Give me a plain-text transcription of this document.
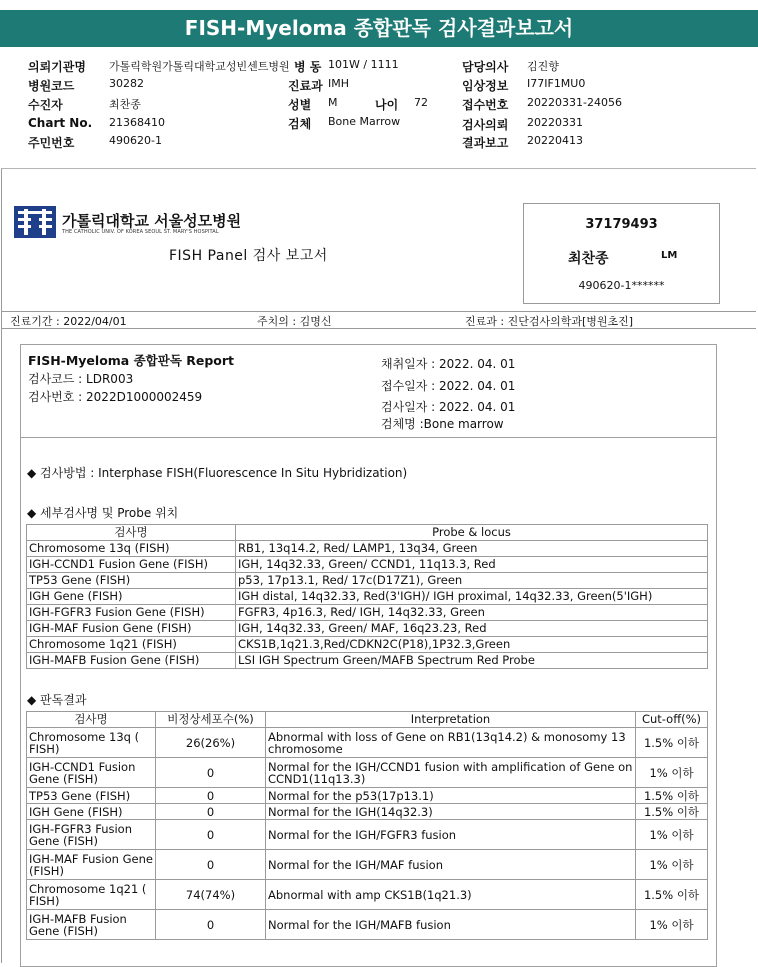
FISH-Myeloma 종합판독 검사결과보고서
의뢰기관명 가톨릭학원가톨릭대학교성빈센트병원
병원코드	30282
수진자	최찬종
Chart No. 21368410
주민번호	490620-1
병 동 101W / 1111
진료과 IMH
성별 M	나이 72
검체 Bone Marrow
담당의사 김진향
임상정보 I77IF1MU0
접수번호 20220331-24056
검사의뢰 20220331
결과보고 20220413
가톨릭대학교 서울성모병원
THE CATHOLIC UNIV. OF KOREA SEOUL ST. MARY'S HOSPITAL
FISH Panel 검사 보고서
37179493
최찬종	LM
490620-1******
진료기간 : 2022/04/01	주치의 : 김명신	진료과 : 진단검사의학과[병원초진]
FISH-Myeloma 종합판독 Report
검사코드 : LDR003
검사번호 : 2022D1000002459
채취일자 : 2022. 04. 01
접수일자 : 2022. 04. 01
검사일자 : 2022. 04. 01
검체명 :Bone marrow
◆ 검사방법 : Interphase FISH(Fluorescence In Situ Hybridization)
◆ 세부검사명 및 Probe 위치
검사명	Probe & locus
Chromosome 13q (FISH)	RB1, 13q14.2, Red/ LAMP1, 13q34, Green
IGH-CCND1 Fusion Gene (FISH)	IGH, 14q32.33, Green/ CCND1, 11q13.3, Red
TP53 Gene (FISH)	p53, 17p13.1, Red/ 17c(D17Z1), Green
IGH Gene (FISH)	IGH distal, 14q32.33, Red(3'IGH)/ IGH proximal, 14q32.33, Green(5'IGH)
IGH-FGFR3 Fusion Gene (FISH)	FGFR3, 4p16.3, Red/ IGH, 14q32.33, Green
IGH-MAF Fusion Gene (FISH)	IGH, 14q32.33, Green/ MAF, 16q23.23, Red
Chromosome 1q21 (FISH)	CKS1B,1q21.3,Red/CDKN2C(P18),1P32.3,Green
IGH-MAFB Fusion Gene (FISH)	LSI IGH Spectrum Green/MAFB Spectrum Red Probe
◆ 판독결과
검사명	비정상세포수(%)	Interpretation	Cut-off(%)
Chromosome 13q ( FISH)	26(26%)	Abnormal with loss of Gene on RB1(13q14.2) & monosomy 13 chromosome	1.5% 이하
IGH-CCND1 Fusion Gene (FISH)	0	Normal for the IGH/CCND1 fusion with amplification of Gene on CCND1(11q13.3)	1% 이하
TP53 Gene (FISH)	0	Normal for the p53(17p13.1)	1.5% 이하
IGH Gene (FISH)	0	Normal for the IGH(14q32.3)	1.5% 이하
IGH-FGFR3 Fusion Gene (FISH)	0	Normal for the IGH/FGFR3 fusion	1% 이하
IGH-MAF Fusion Gene (FISH)	0	Normal for the IGH/MAF fusion	1% 이하
Chromosome 1q21 ( FISH)	74(74%)	Abnormal with amp CKS1B(1q21.3)	1.5% 이하
IGH-MAFB Fusion Gene (FISH)	0	Normal for the IGH/MAFB fusion	1% 이하
